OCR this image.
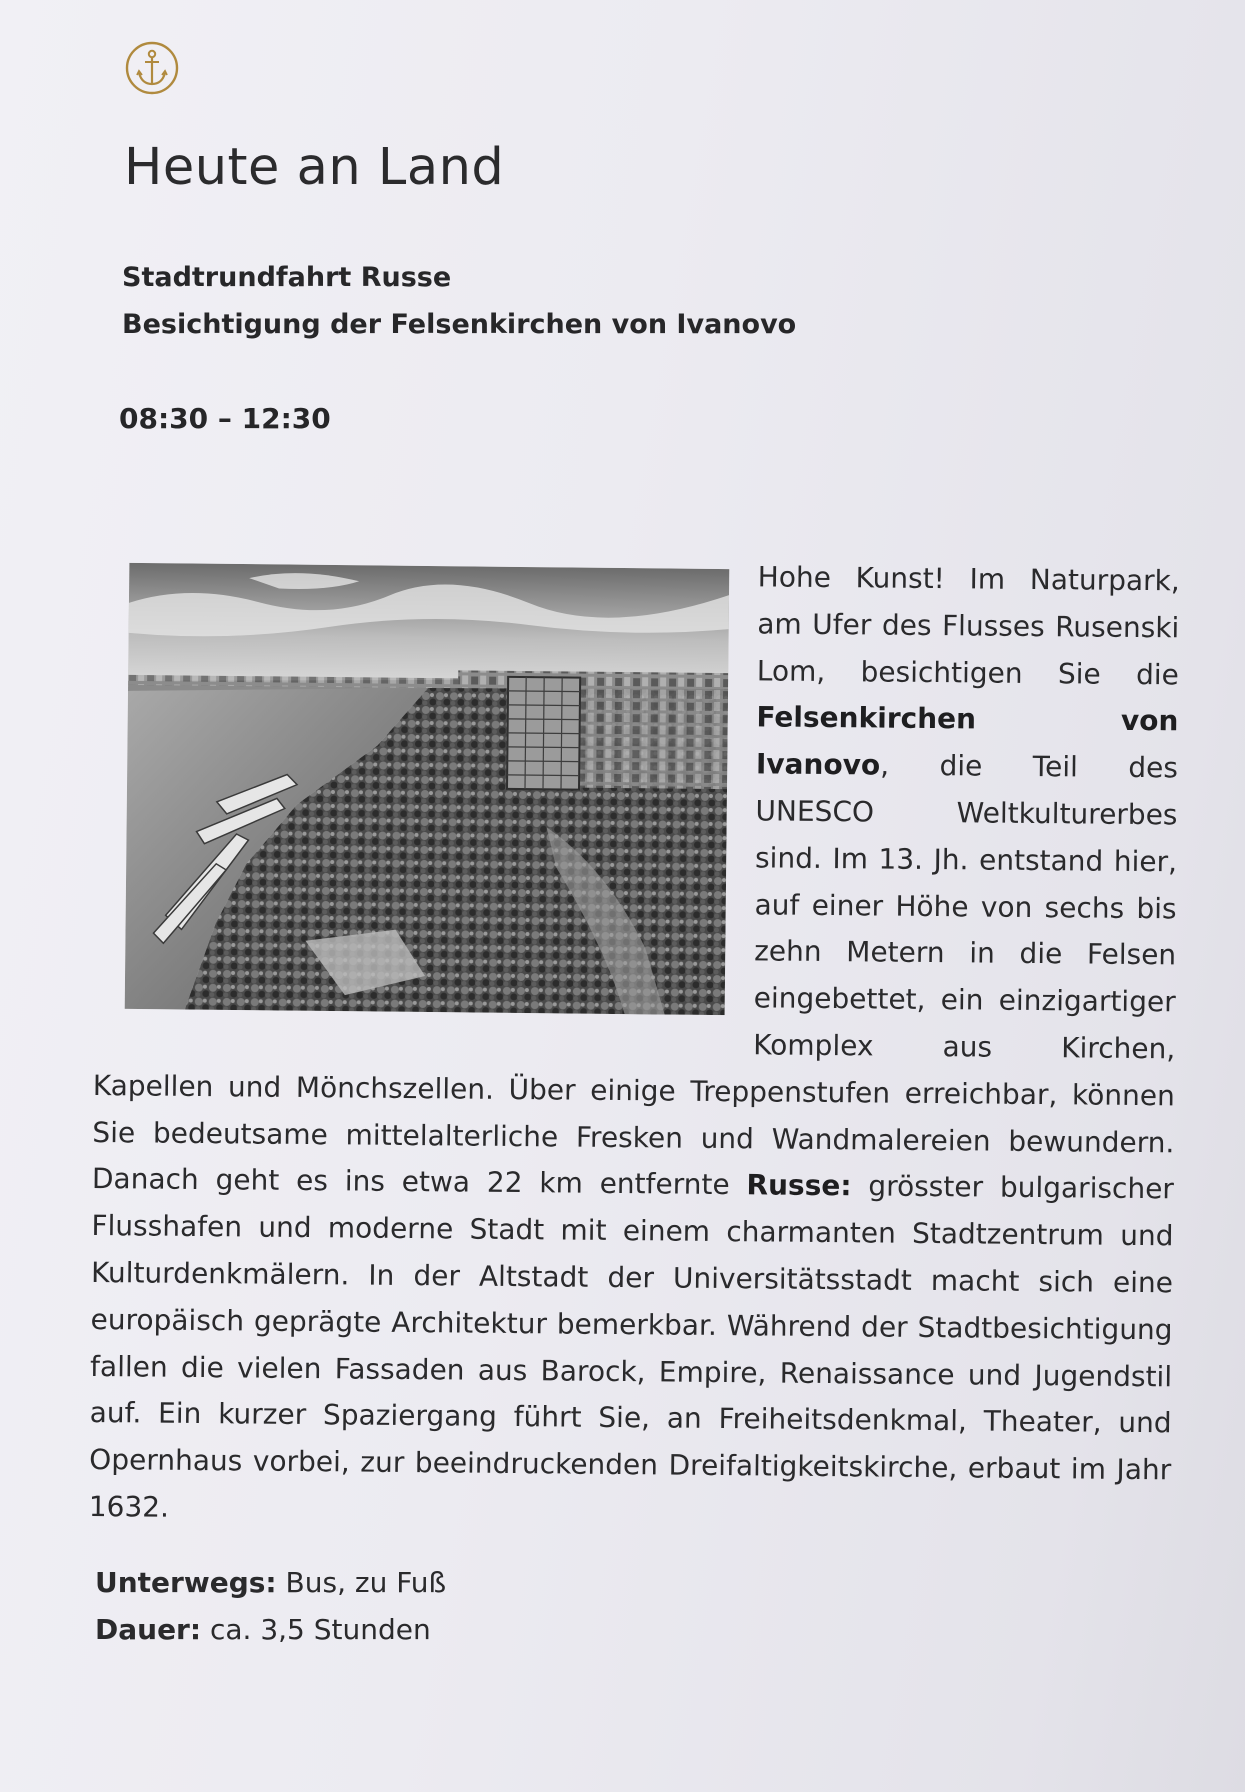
Heute an Land
Stadtrundfahrt Russe
Besichtigung der Felsenkirchen von Ivanovo
08:30 – 12:30
Hohe Kunst! Im Naturpark, am Ufer des Flusses Rusenski Lom, besichtigen Sie die Felsenkirchen von Ivanovo, die Teil des UNESCO Weltkulturerbes sind. Im 13. Jh. entstand hier, auf einer Höhe von sechs bis zehn Metern in die Felsen eingebettet, ein einzigartiger Komplex aus Kirchen, Kapellen und Mönchszellen. Über einige Treppenstufen erreichbar, können Sie bedeutsame mittelalterliche Fresken und Wandmalereien bewundern. Danach geht es ins etwa 22 km entfernte Russe: grösster bulgarischer Flusshafen und moderne Stadt mit einem charmanten Stadtzentrum und Kulturdenkmälern. In der Altstadt der Universitätsstadt macht sich eine europäisch geprägte Architektur bemerkbar. Während der Stadtbesichtigung fallen die vielen Fassaden aus Barock, Empire, Renaissance und Jugendstil auf. Ein kurzer Spaziergang führt Sie, an Freiheitsdenkmal, Theater, und Opernhaus vorbei, zur beeindruckenden Dreifaltigkeitskirche, erbaut im Jahr 1632.
Unterwegs: Bus, zu Fuß
Dauer: ca. 3,5 Stunden
